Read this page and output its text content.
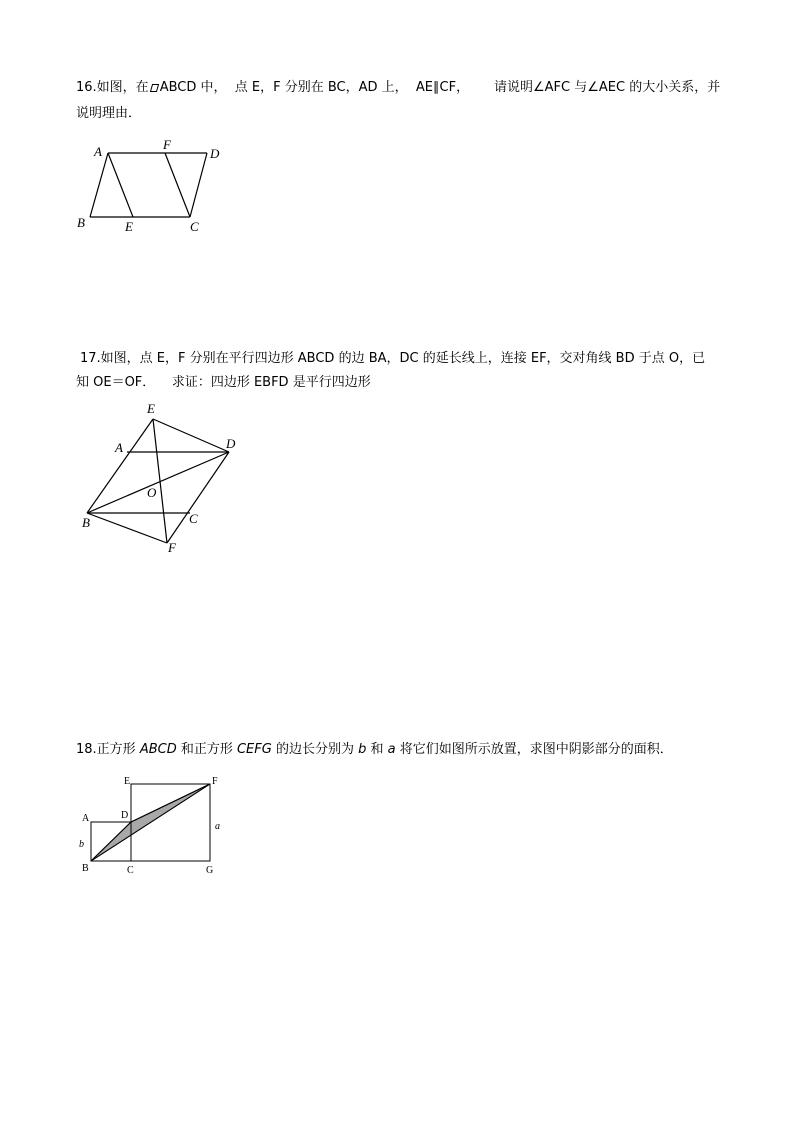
16.如图，在 ABCD 中，  点 E，F 分别在 BC，AD 上，  AE∥CF， 请说明∠AFC 与∠AEC 的大小关系，并
说明理由．
A	F
D
B	E	C
17.如图，点 E，F 分别在平行四边形 ABCD 的边 BA，DC 的延长线上，连接 EF，交对角线 BD 于点 O，已
知 OE＝OF．    求证：四边形 EBFD 是平行四边形
E
A	D
O
B	C
F
18.正方形 ABCD 和正方形 CEFG 的边长分别为 b 和 a 将它们如图所示放置，求图中阴影部分的面积．
E	F
A	D
a
b
B	C	G
